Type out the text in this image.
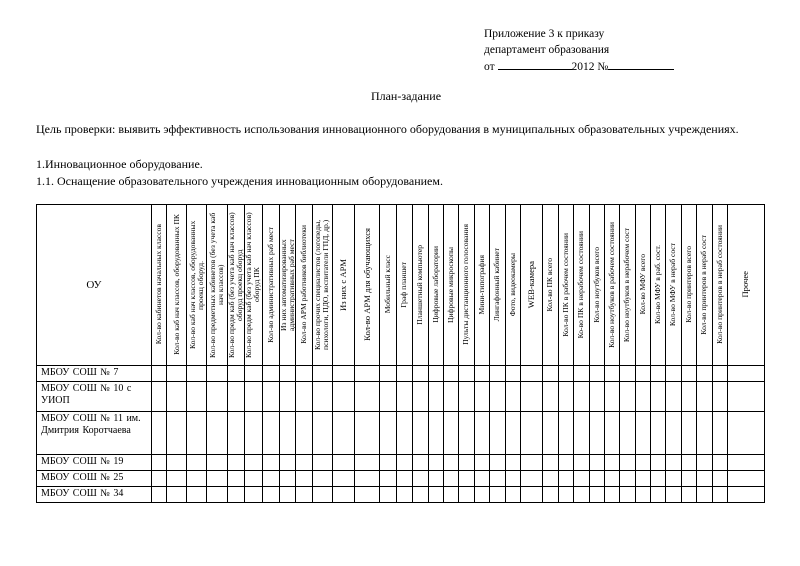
Приложение 3 к приказу
департамент образования
от	2012 №
План-задание
Цель проверки: выявить эффективность использования инновационного оборудования в муниципальных образовательных учреждениях.
1.Инновационное оборудование.
1.1. Оснащение образовательного учреждения инновационным оборудованием.
ОУ	Кол-во кабинетов начальных классов	Кол-во каб нач классов, оборудованных ПК	Кол-во каб нач классов, оборудованных проекц оборуд.	Кол-во предметных кабинетов (без учета каб нач классов)	Кол-во предм каб (без учета каб нач классов) оборуд проекц оборуд	Кол-во предм каб (без учета каб нач классов) оборуд ПК	Кол-во административных раб мест	Из них автоматизированных административных раб мест	Кол-во АРМ работников библиотеки	Кол-во прочих специалистов (логопеды, психологи, ПДО, воспитатели ГПД, др.)	Из них с АРМ	Кол-во АРМ для обучающихся	Мобильный класс	Граф планшет	Планшетный компьютер	Цифровые лаборатории	Цифровые микроскопы	Пульты дистанционного голосования	Мини-типография	Лингафонный кабинет	Фото, видеокамеры	WEB-камера	Кол-во ПК всего	Кол-во ПК в рабочем состоянии	Ко-во ПК в нерабочем состоянии	Кол-во ноутбуков всего	Кол-во ноутбуков в рабочем состоянии	Кол-во ноутбуков в нерабочем сост	Кол-во МФУ всего	Кол-во МФУ в раб. сост.	Кол-во МФУ в нераб сост	Кол-во принтеров всего	Кол-во принтеров в нераб сост	Кол-во принтеров в нераб состоянии	Прочее

МБОУ СОШ № 7																																			
МБОУ СОШ № 10 с УИОП																																			
МБОУ СОШ № 11 им. Дмитрия Коротчаева																																			
МБОУ СОШ № 19																																			
МБОУ СОШ № 25																																			
МБОУ СОШ № 34																																			
